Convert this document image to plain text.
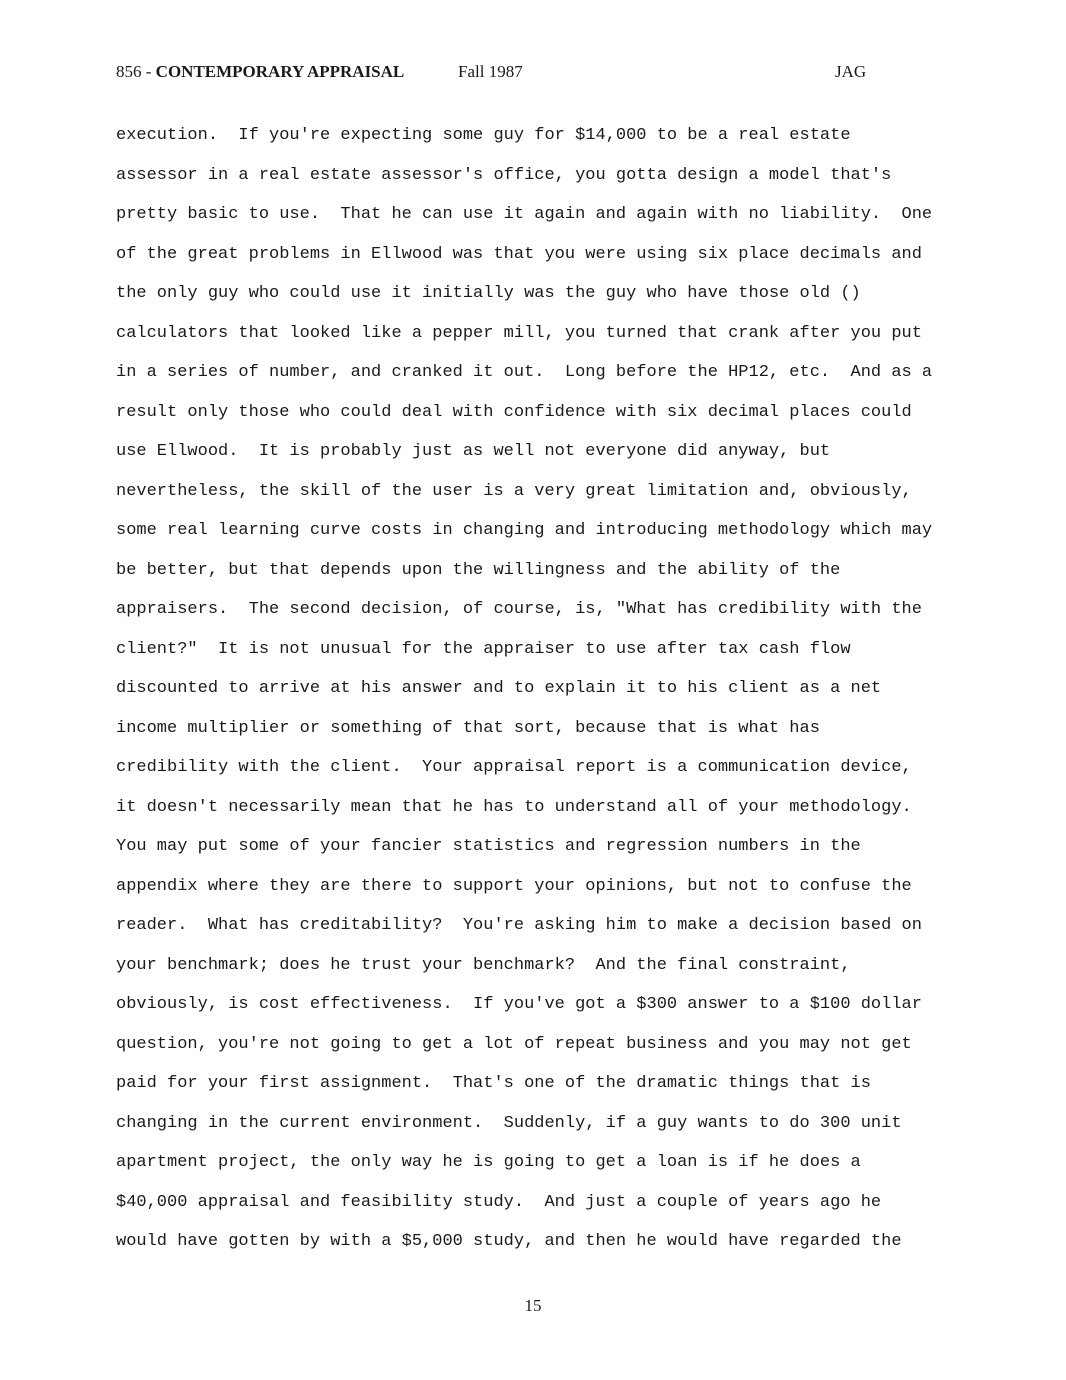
856 - CONTEMPORARY APPRAISAL	Fall 1987	JAG
execution.  If you're expecting some guy for $14,000 to be a real estate
assessor in a real estate assessor's office, you gotta design a model that's
pretty basic to use.  That he can use it again and again with no liability.  One
of the great problems in Ellwood was that you were using six place decimals and
the only guy who could use it initially was the guy who have those old ()
calculators that looked like a pepper mill, you turned that crank after you put
in a series of number, and cranked it out.  Long before the HP12, etc.  And as a
result only those who could deal with confidence with six decimal places could
use Ellwood.  It is probably just as well not everyone did anyway, but
nevertheless, the skill of the user is a very great limitation and, obviously,
some real learning curve costs in changing and introducing methodology which may
be better, but that depends upon the willingness and the ability of the
appraisers.  The second decision, of course, is, "What has credibility with the
client?"  It is not unusual for the appraiser to use after tax cash flow
discounted to arrive at his answer and to explain it to his client as a net
income multiplier or something of that sort, because that is what has
credibility with the client.  Your appraisal report is a communication device,
it doesn't necessarily mean that he has to understand all of your methodology.
You may put some of your fancier statistics and regression numbers in the
appendix where they are there to support your opinions, but not to confuse the
reader.  What has creditability?  You're asking him to make a decision based on
your benchmark; does he trust your benchmark?  And the final constraint,
obviously, is cost effectiveness.  If you've got a $300 answer to a $100 dollar
question, you're not going to get a lot of repeat business and you may not get
paid for your first assignment.  That's one of the dramatic things that is
changing in the current environment.  Suddenly, if a guy wants to do 300 unit
apartment project, the only way he is going to get a loan is if he does a
$40,000 appraisal and feasibility study.  And just a couple of years ago he
would have gotten by with a $5,000 study, and then he would have regarded the
15
